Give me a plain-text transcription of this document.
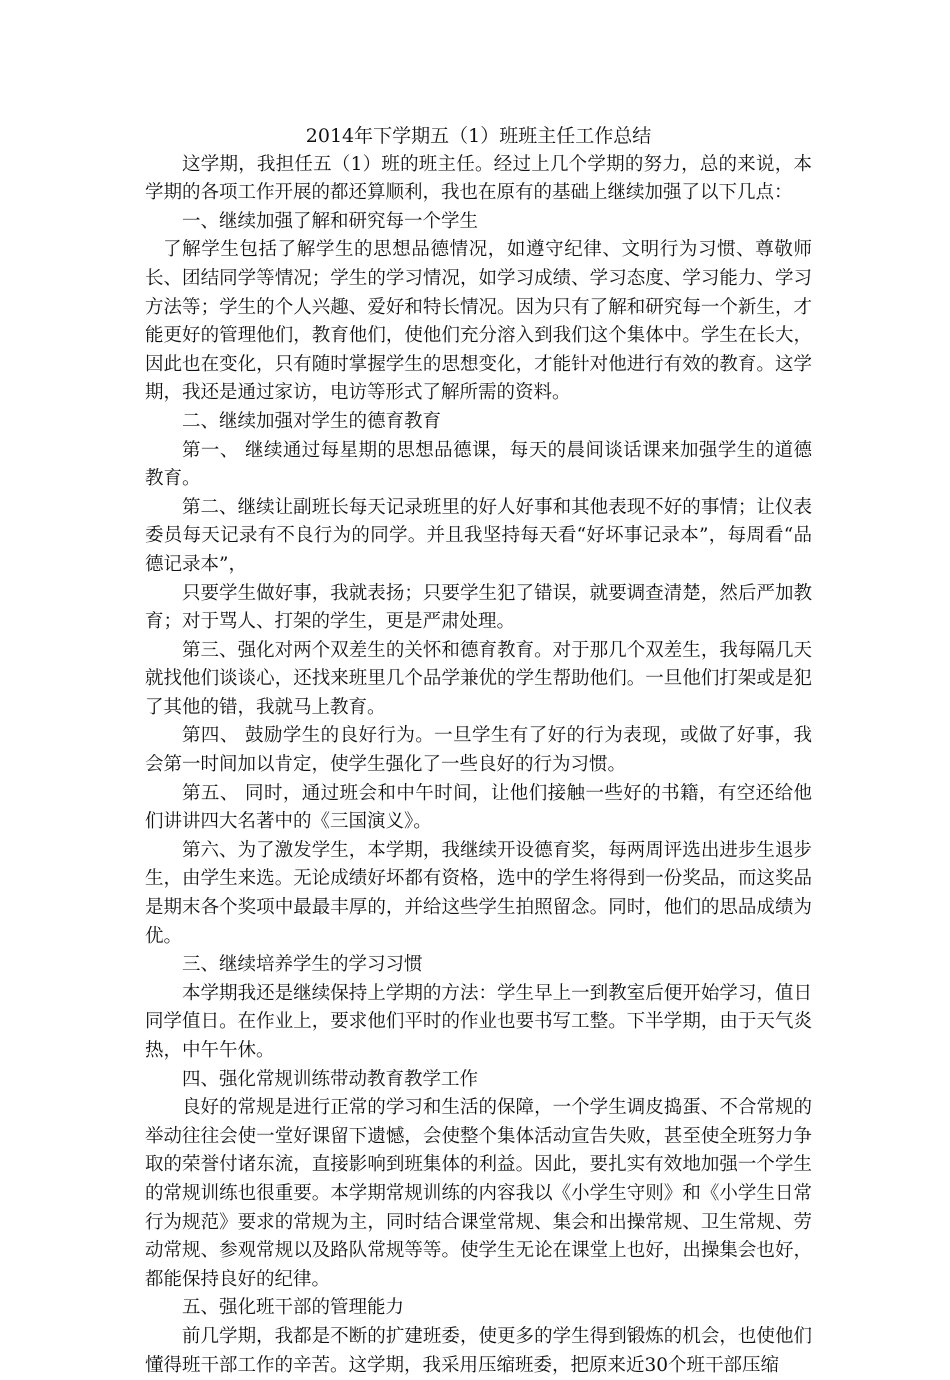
2014年下学期五（1）班班主任工作总结

这学期，我担任五（1）班的班主任。经过上几个学期的努力，总的来说，本学期的各项工作开展的都还算顺利，我也在原有的基础上继续加强了以下几点：

一、继续加强了解和研究每一个学生

了解学生包括了解学生的思想品德情况，如遵守纪律、文明行为习惯、尊敬师长、团结同学等情况；学生的学习情况，如学习成绩、学习态度、学习能力、学习方法等；学生的个人兴趣、爱好和特长情况。因为只有了解和研究每一个新生，才能更好的管理他们，教育他们，使他们充分溶入到我们这个集体中。学生在长大，因此也在变化，只有随时掌握学生的思想变化，才能针对他进行有效的教育。这学期，我还是通过家访，电访等形式了解所需的资料。

二、继续加强对学生的德育教育

第一、 继续通过每星期的思想品德课，每天的晨间谈话课来加强学生的道德教育。

第二、继续让副班长每天记录班里的好人好事和其他表现不好的事情；让仪表委员每天记录有不良行为的同学。并且我坚持每天看“好坏事记录本”，每周看“品德记录本”，

只要学生做好事，我就表扬；只要学生犯了错误，就要调查清楚，然后严加教育；对于骂人、打架的学生，更是严肃处理。

第三、强化对两个双差生的关怀和德育教育。对于那几个双差生，我每隔几天就找他们谈谈心，还找来班里几个品学兼优的学生帮助他们。一旦他们打架或是犯了其他的错，我就马上教育。

第四、 鼓励学生的良好行为。一旦学生有了好的行为表现，或做了好事，我会第一时间加以肯定，使学生强化了一些良好的行为习惯。

第五、 同时，通过班会和中午时间，让他们接触一些好的书籍，有空还给他们讲讲四大名著中的《三国演义》。

第六、为了激发学生，本学期，我继续开设德育奖，每两周评选出进步生退步生，由学生来选。无论成绩好坏都有资格，选中的学生将得到一份奖品，而这奖品是期末各个奖项中最最丰厚的，并给这些学生拍照留念。同时，他们的思品成绩为优。

三、继续培养学生的学习习惯

本学期我还是继续保持上学期的方法：学生早上一到教室后便开始学习，值日同学值日。在作业上，要求他们平时的作业也要书写工整。下半学期，由于天气炎热，中午午休。

四、强化常规训练带动教育教学工作

良好的常规是进行正常的学习和生活的保障，一个学生调皮捣蛋、不合常规的举动往往会使一堂好课留下遗憾，会使整个集体活动宣告失败，甚至使全班努力争取的荣誉付诸东流，直接影响到班集体的利益。因此，要扎实有效地加强一个学生的常规训练也很重要。本学期常规训练的内容我以《小学生守则》和《小学生日常行为规范》要求的常规为主，同时结合课堂常规、集会和出操常规、卫生常规、劳动常规、参观常规以及路队常规等等。使学生无论在课堂上也好，出操集会也好，都能保持良好的纪律。

五、强化班干部的管理能力

前几学期，我都是不断的扩建班委，使更多的学生得到锻炼的机会，也使他们懂得班干部工作的辛苦。这学期，我采用压缩班委，把原来近30个班干部压缩
